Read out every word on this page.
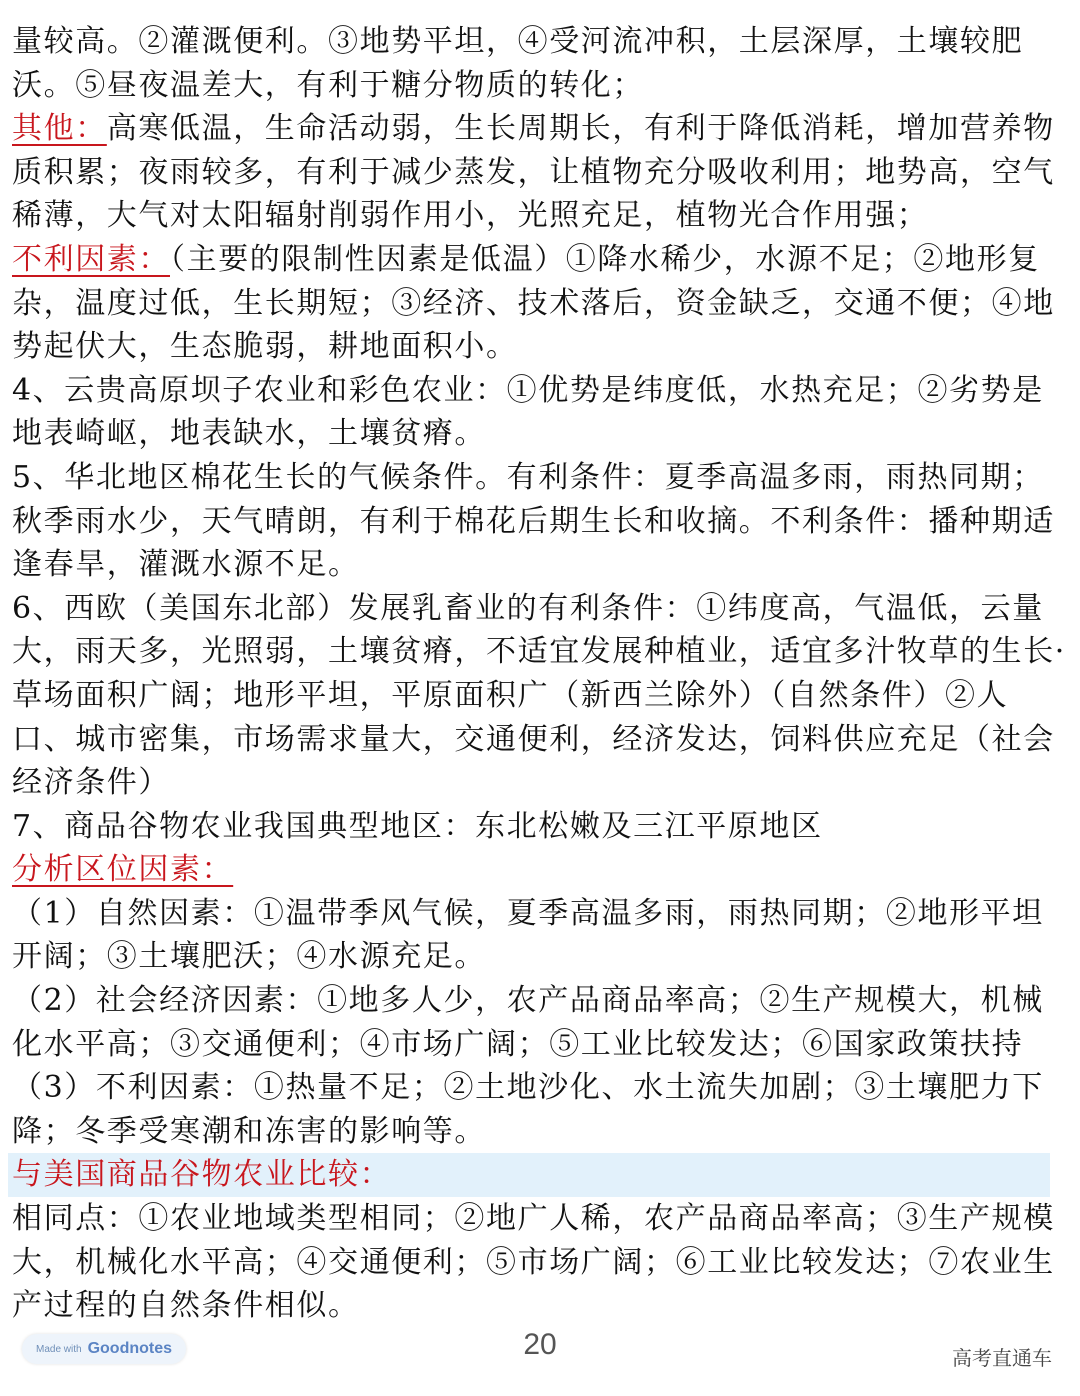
量较高。②灌溉便利。③地势平坦，④受河流冲积，土层深厚，土壤较肥
沃。⑤昼夜温差大，有利于糖分物质的转化；
其他：高寒低温，生命活动弱，生长周期长，有利于降低消耗，增加营养物
质积累；夜雨较多，有利于减少蒸发，让植物充分吸收利用；地势高，空气
稀薄，大气对太阳辐射削弱作用小，光照充足，植物光合作用强；
不利因素：（主要的限制性因素是低温）①降水稀少，水源不足；②地形复
杂，温度过低，生长期短；③经济、技术落后，资金缺乏，交通不便；④地
势起伏大，生态脆弱，耕地面积小。
4、云贵高原坝子农业和彩色农业：①优势是纬度低，水热充足；②劣势是
地表崎岖，地表缺水，土壤贫瘠。
5、华北地区棉花生长的气候条件。有利条件：夏季高温多雨，雨热同期；
秋季雨水少，天气晴朗，有利于棉花后期生长和收摘。不利条件：播种期适
逢春旱，灌溉水源不足。
6、西欧（美国东北部）发展乳畜业的有利条件：①纬度高，气温低，云量
大，雨天多，光照弱，土壤贫瘠，不适宜发展种植业，适宜多汁牧草的生长·
草场面积广阔；地形平坦，平原面积广（新西兰除外）（自然条件）②人
口、城市密集，市场需求量大，交通便利，经济发达，饲料供应充足（社会
经济条件）
7、商品谷物农业我国典型地区：东北松嫩及三江平原地区
分析区位因素：
（1）自然因素：①温带季风气候，夏季高温多雨，雨热同期；②地形平坦
开阔；③土壤肥沃；④水源充足。
（2）社会经济因素：①地多人少，农产品商品率高；②生产规模大，机械
化水平高；③交通便利；④市场广阔；⑤工业比较发达；⑥国家政策扶持
（3）不利因素：①热量不足；②土地沙化、水土流失加剧；③土壤肥力下
降；冬季受寒潮和冻害的影响等。
与美国商品谷物农业比较：
相同点：①农业地域类型相同；②地广人稀，农产品商品率高；③生产规模
大，机械化水平高；④交通便利；⑤市场广阔；⑥工业比较发达；⑦农业生
产过程的自然条件相似。
Made with Goodnotes	20	高考直通车
